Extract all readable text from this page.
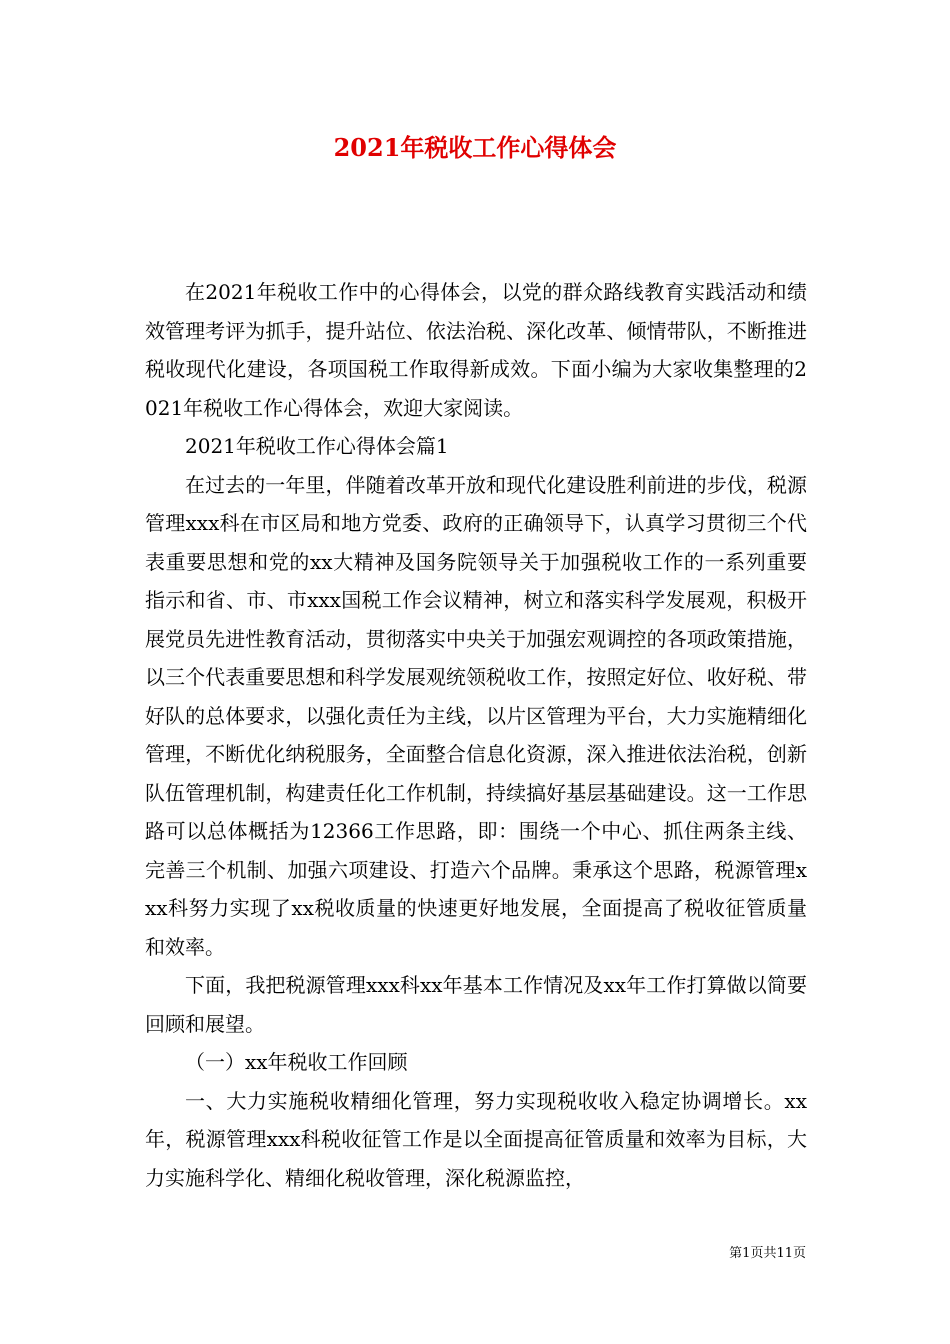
2021年税收工作心得体会

在2021年税收工作中的心得体会，以党的群众路线教育实践活动和绩效管理考评为抓手，提升站位、依法治税、深化改革、倾情带队，不断推进税收现代化建设，各项国税工作取得新成效。下面小编为大家收集整理的2021年税收工作心得体会，欢迎大家阅读。

2021年税收工作心得体会篇1

在过去的一年里，伴随着改革开放和现代化建设胜利前进的步伐，税源管理xxx科在市区局和地方党委、政府的正确领导下，认真学习贯彻三个代表重要思想和党的xx大精神及国务院领导关于加强税收工作的一系列重要指示和省、市、市xxx国税工作会议精神，树立和落实科学发展观，积极开展党员先进性教育活动，贯彻落实中央关于加强宏观调控的各项政策措施，以三个代表重要思想和科学发展观统领税收工作，按照定好位、收好税、带好队的总体要求，以强化责任为主线，以片区管理为平台，大力实施精细化管理，不断优化纳税服务，全面整合信息化资源，深入推进依法治税，创新队伍管理机制，构建责任化工作机制，持续搞好基层基础建设。这一工作思路可以总体概括为12366工作思路，即：围绕一个中心、抓住两条主线、完善三个机制、加强六项建设、打造六个品牌。秉承这个思路，税源管理xxx科努力实现了xx税收质量的快速更好地发展，全面提高了税收征管质量和效率。

下面，我把税源管理xxx科xx年基本工作情况及xx年工作打算做以简要回顾和展望。

（一）xx年税收工作回顾

一、大力实施税收精细化管理，努力实现税收收入稳定协调增长。xx年，税源管理xxx科税收征管工作是以全面提高征管质量和效率为目标，大力实施科学化、精细化税收管理，深化税源监控，

第1页共11页
